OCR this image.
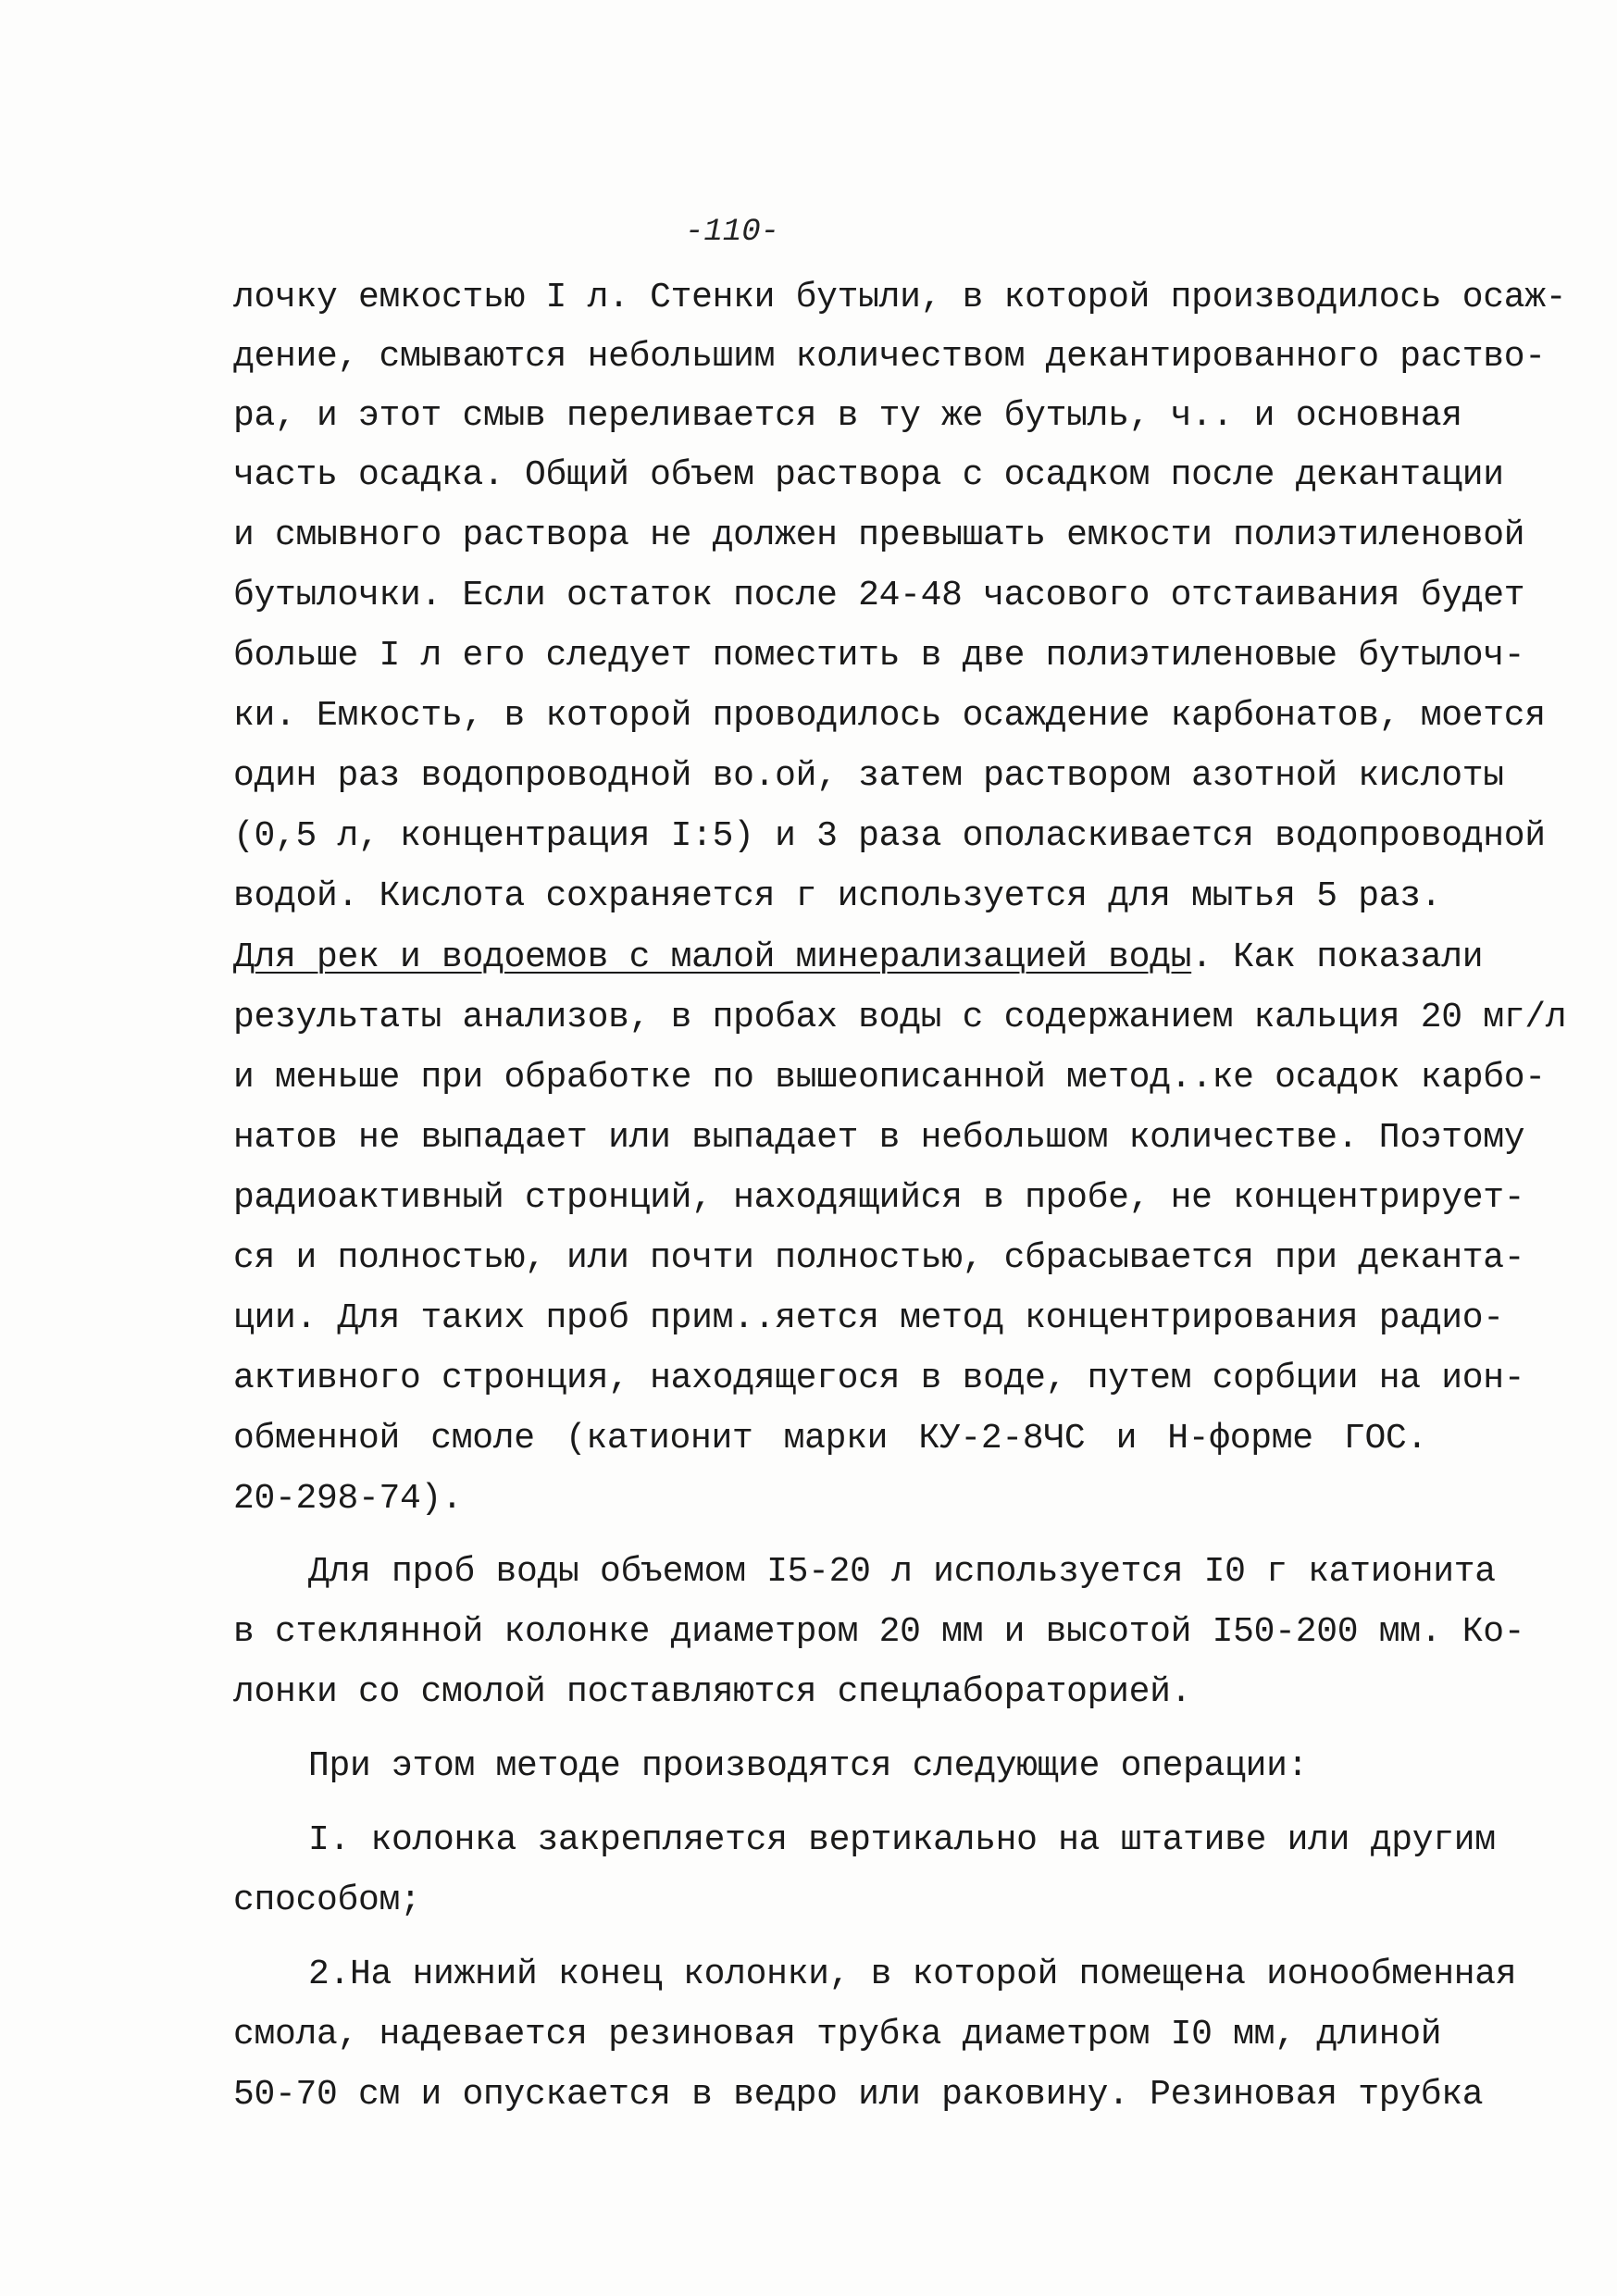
-110-
лочку емкостью I л. Стенки бутыли, в которой производилось осаж-
дение, смываются небольшим количеством декантированного раство-
ра, и этот смыв переливается в ту же бутыль, ч.. и основная
часть осадка. Общий объем раствора с осадком после декантации
и смывного раствора не должен превышать емкости полиэтиленовой
бутылочки. Если остаток после 24-48 часового отстаивания будет
больше I л его следует поместить в две полиэтиленовые бутылоч-
ки. Емкость, в которой проводилось осаждение карбонатов, моется
один раз водопроводной во.ой, затем раствором азотной кислоты
(0,5 л, концентрация I:5) и 3 раза ополаскивается водопроводной
водой. Кислота сохраняется г используется для мытья 5 раз.
Для рек и водоемов с малой минерализацией воды. Как показали
результаты анализов, в пробах воды с содержанием кальция 20 мг/л
и меньше при обработке по вышеописанной метод..ке осадок карбо-
натов не выпадает или выпадает в небольшом количестве. Поэтому
радиоактивный стронций, находящийся в пробе, не концентрирует-
ся и полностью, или почти полностью, сбрасывается при деканта-
ции. Для таких проб прим..яется метод концентрирования радио-
активного стронция, находящегося в воде, путем сорбции на ион-
обменной смоле (катионит марки КУ-2-8ЧС и Н-форме ГОС.
20-298-74).
Для проб воды объемом I5-20 л используется I0 г катионита
в стеклянной колонке диаметром 20 мм и высотой I50-200 мм. Ко-
лонки со смолой поставляются спецлабораторией.
При этом методе производятся следующие операции:
I. колонка закрепляется вертикально на штативе или другим
способом;
2.На нижний конец колонки, в которой помещена ионообменная
смола, надевается резиновая трубка диаметром I0 мм, длиной
50-70 см и опускается в ведро или раковину. Резиновая трубка
